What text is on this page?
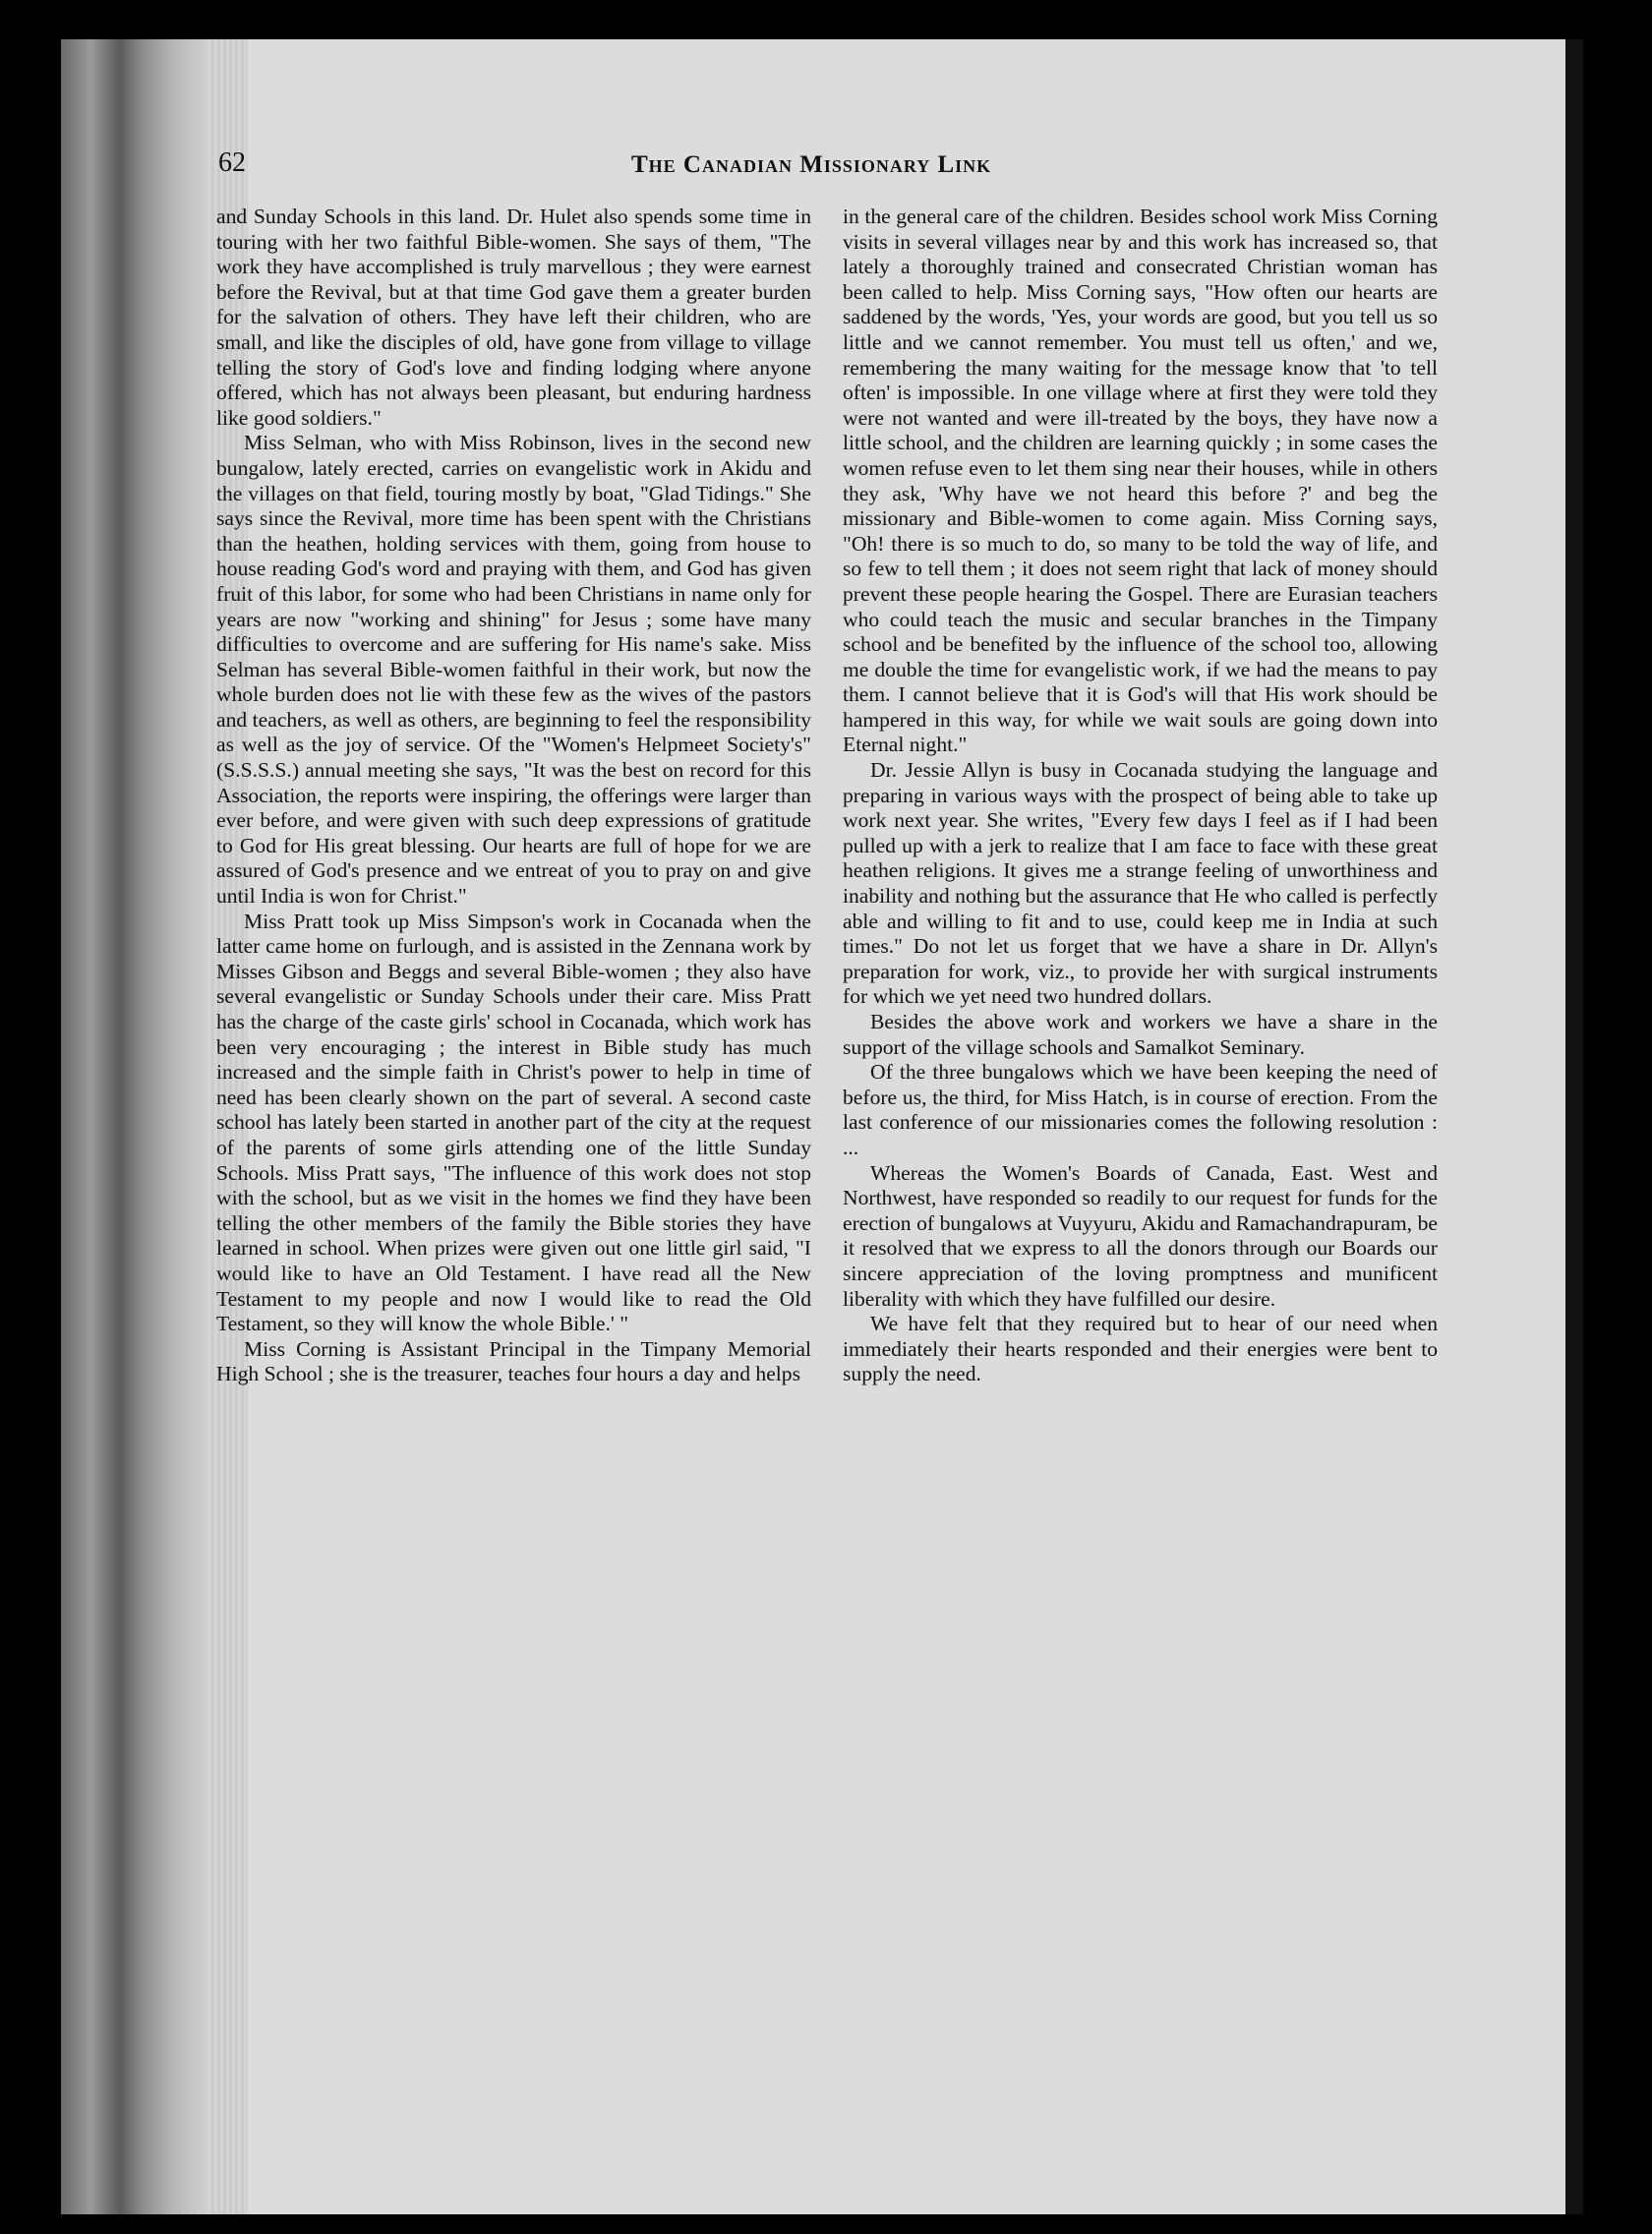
62	The Canadian Missionary Link

and Sunday Schools in this land. Dr. Hulet also spends some time in touring with her two faithful Bible-women. She says of them, "The work they have accomplished is truly marvellous ; they were earnest before the Revival, but at that time God gave them a greater burden for the salvation of others. They have left their children, who are small, and like the disciples of old, have gone from village to village telling the story of God's love and finding lodging where anyone offered, which has not always been pleasant, but enduring hardness like good soldiers."

Miss Selman, who with Miss Robinson, lives in the second new bungalow, lately erected, carries on evangelistic work in Akidu and the villages on that field, touring mostly by boat, "Glad Tidings." She says since the Revival, more time has been spent with the Christians than the heathen, holding services with them, going from house to house reading God's word and praying with them, and God has given fruit of this labor, for some who had been Christians in name only for years are now "working and shining" for Jesus ; some have many difficulties to overcome and are suffering for His name's sake. Miss Selman has several Bible-women faithful in their work, but now the whole burden does not lie with these few as the wives of the pastors and teachers, as well as others, are beginning to feel the responsibility as well as the joy of service. Of the "Women's Helpmeet Society's" (S.S.S.S.) annual meeting she says, "It was the best on record for this Association, the reports were inspiring, the offerings were larger than ever before, and were given with such deep expressions of gratitude to God for His great blessing. Our hearts are full of hope for we are assured of God's presence and we entreat of you to pray on and give until India is won for Christ."

Miss Pratt took up Miss Simpson's work in Cocanada when the latter came home on furlough, and is assisted in the Zennana work by Misses Gibson and Beggs and several Bible-women ; they also have several evangelistic or Sunday Schools under their care. Miss Pratt has the charge of the caste girls' school in Cocanada, which work has been very encouraging ; the interest in Bible study has much increased and the simple faith in Christ's power to help in time of need has been clearly shown on the part of several. A second caste school has lately been started in another part of the city at the request of the parents of some girls attending one of the little Sunday Schools. Miss Pratt says, "The influence of this work does not stop with the school, but as we visit in the homes we find they have been telling the other members of the family the Bible stories they have learned in school. When prizes were given out one little girl said, "I would like to have an Old Testament. I have read all the New Testament to my people and now I would like to read the Old Testament, so they will know the whole Bible.' "

Miss Corning is Assistant Principal in the Timpany Memorial High School ; she is the treasurer, teaches four hours a day and helps

in the general care of the children. Besides school work Miss Corning visits in several villages near by and this work has increased so, that lately a thoroughly trained and consecrated Christian woman has been called to help. Miss Corning says, "How often our hearts are saddened by the words, 'Yes, your words are good, but you tell us so little and we cannot remember. You must tell us often,' and we, remembering the many waiting for the message know that 'to tell often' is impossible. In one village where at first they were told they were not wanted and were ill-treated by the boys, they have now a little school, and the children are learning quickly ; in some cases the women refuse even to let them sing near their houses, while in others they ask, 'Why have we not heard this before ?' and beg the missionary and Bible-women to come again. Miss Corning says, "Oh! there is so much to do, so many to be told the way of life, and so few to tell them ; it does not seem right that lack of money should prevent these people hearing the Gospel. There are Eurasian teachers who could teach the music and secular branches in the Timpany school and be benefited by the influence of the school too, allowing me double the time for evangelistic work, if we had the means to pay them. I cannot believe that it is God's will that His work should be hampered in this way, for while we wait souls are going down into Eternal night."

Dr. Jessie Allyn is busy in Cocanada studying the language and preparing in various ways with the prospect of being able to take up work next year. She writes, "Every few days I feel as if I had been pulled up with a jerk to realize that I am face to face with these great heathen religions. It gives me a strange feeling of unworthiness and inability and nothing but the assurance that He who called is perfectly able and willing to fit and to use, could keep me in India at such times." Do not let us forget that we have a share in Dr. Allyn's preparation for work, viz., to provide her with surgical instruments for which we yet need two hundred dollars.

Besides the above work and workers we have a share in the support of the village schools and Samalkot Seminary.

Of the three bungalows which we have been keeping the need of before us, the third, for Miss Hatch, is in course of erection. From the last conference of our missionaries comes the following resolution : ...

Whereas the Women's Boards of Canada, East. West and Northwest, have responded so readily to our request for funds for the erection of bungalows at Vuyyuru, Akidu and Ramachandrapuram, be it resolved that we express to all the donors through our Boards our sincere appreciation of the loving promptness and munificent liberality with which they have fulfilled our desire.

We have felt that they required but to hear of our need when immediately their hearts responded and their energies were bent to supply the need.
